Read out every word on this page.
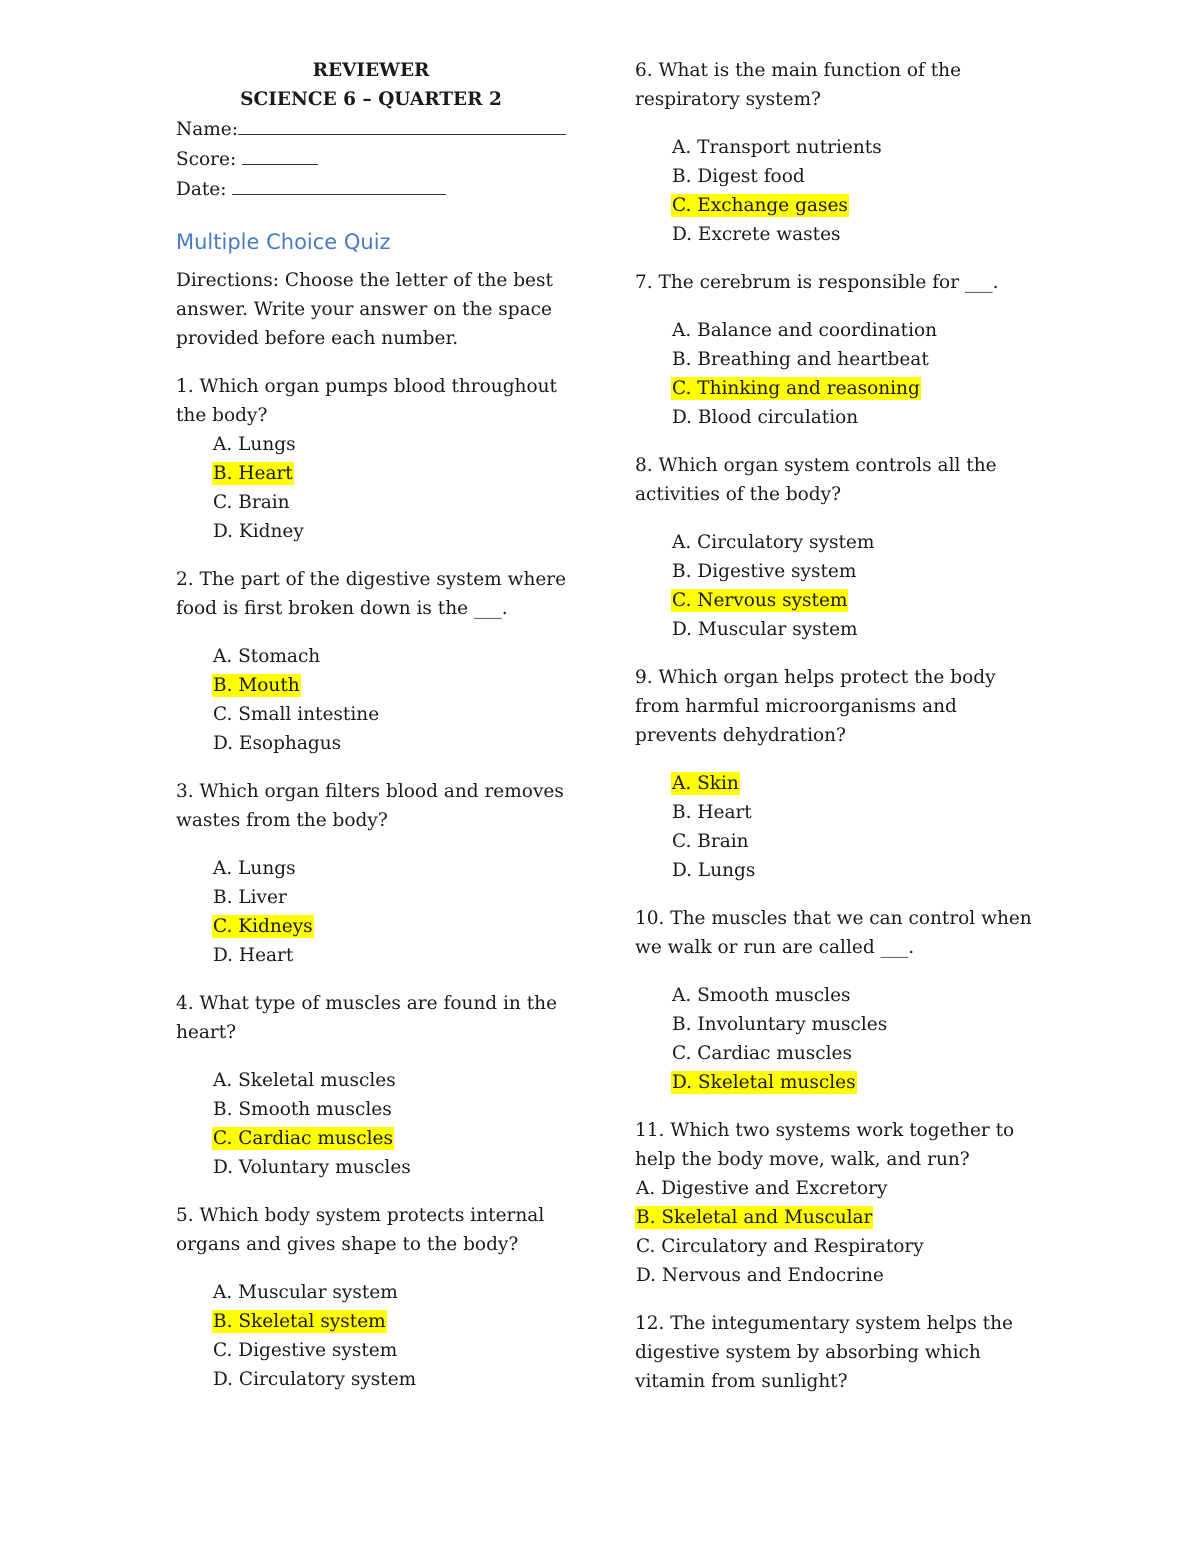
REVIEWER
SCIENCE 6 – QUARTER 2
Name:
Score:
Date:
Multiple Choice Quiz
Directions: Choose the letter of the best answer. Write your answer on the space provided before each number.
1. Which organ pumps blood throughout the body?
A. Lungs
B. Heart
C. Brain
D. Kidney
2. The part of the digestive system where food is first broken down is the ___.
A. Stomach
B. Mouth
C. Small intestine
D. Esophagus
3. Which organ filters blood and removes wastes from the body?
A. Lungs
B. Liver
C. Kidneys
D. Heart
4. What type of muscles are found in the heart?
A. Skeletal muscles
B. Smooth muscles
C. Cardiac muscles
D. Voluntary muscles
5. Which body system protects internal organs and gives shape to the body?
A. Muscular system
B. Skeletal system
C. Digestive system
D. Circulatory system
6. What is the main function of the respiratory system?
A. Transport nutrients
B. Digest food
C. Exchange gases
D. Excrete wastes
7. The cerebrum is responsible for ___.
A. Balance and coordination
B. Breathing and heartbeat
C. Thinking and reasoning
D. Blood circulation
8. Which organ system controls all the activities of the body?
A. Circulatory system
B. Digestive system
C. Nervous system
D. Muscular system
9. Which organ helps protect the body from harmful microorganisms and prevents dehydration?
A. Skin
B. Heart
C. Brain
D. Lungs
10. The muscles that we can control when we walk or run are called ___.
A. Smooth muscles
B. Involuntary muscles
C. Cardiac muscles
D. Skeletal muscles
11. Which two systems work together to help the body move, walk, and run?
A. Digestive and Excretory
B. Skeletal and Muscular
C. Circulatory and Respiratory
D. Nervous and Endocrine
12. The integumentary system helps the digestive system by absorbing which vitamin from sunlight?
